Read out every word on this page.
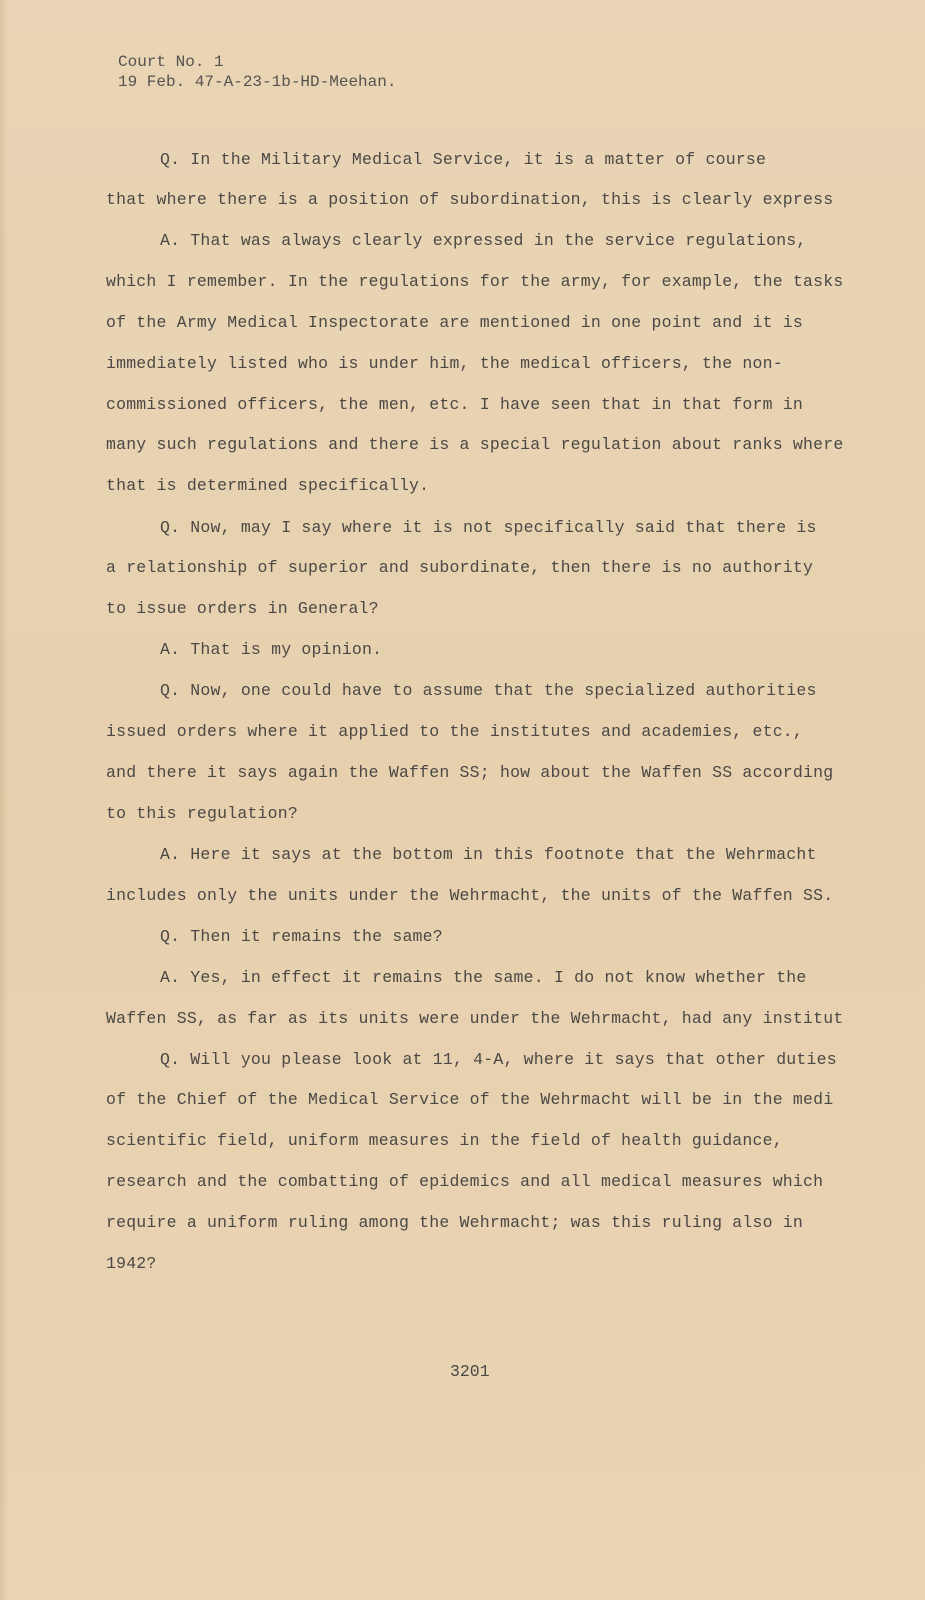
Court No. 1
19 Feb. 47-A-23-1b-HD-Meehan.
Q. In the Military Medical Service, it is a matter of course
that where there is a position of subordination, this is clearly express
A. That was always clearly expressed in the service regulations,
which I remember. In the regulations for the army, for example, the tasks
of the Army Medical Inspectorate are mentioned in one point and it is
immediately listed who is under him, the medical officers, the non-
commissioned officers, the men, etc. I have seen that in that form in
many such regulations and there is a special regulation about ranks where
that is determined specifically.
Q. Now, may I say where it is not specifically said that there is
a relationship of superior and subordinate, then there is no authority
to issue orders in General?
A. That is my opinion.
Q. Now, one could have to assume that the specialized authorities
issued orders where it applied to the institutes and academies, etc.,
and there it says again the Waffen SS; how about the Waffen SS according
to this regulation?
A. Here it says at the bottom in this footnote that the Wehrmacht
includes only the units under the Wehrmacht, the units of the Waffen SS.
Q. Then it remains the same?
A. Yes, in effect it remains the same. I do not know whether the
Waffen SS, as far as its units were under the Wehrmacht, had any institut
Q. Will you please look at 11, 4-A, where it says that other duties
of the Chief of the Medical Service of the Wehrmacht will be in the medi
scientific field, uniform measures in the field of health guidance,
research and the combatting of epidemics and all medical measures which
require a uniform ruling among the Wehrmacht; was this ruling also in
1942?
3201
